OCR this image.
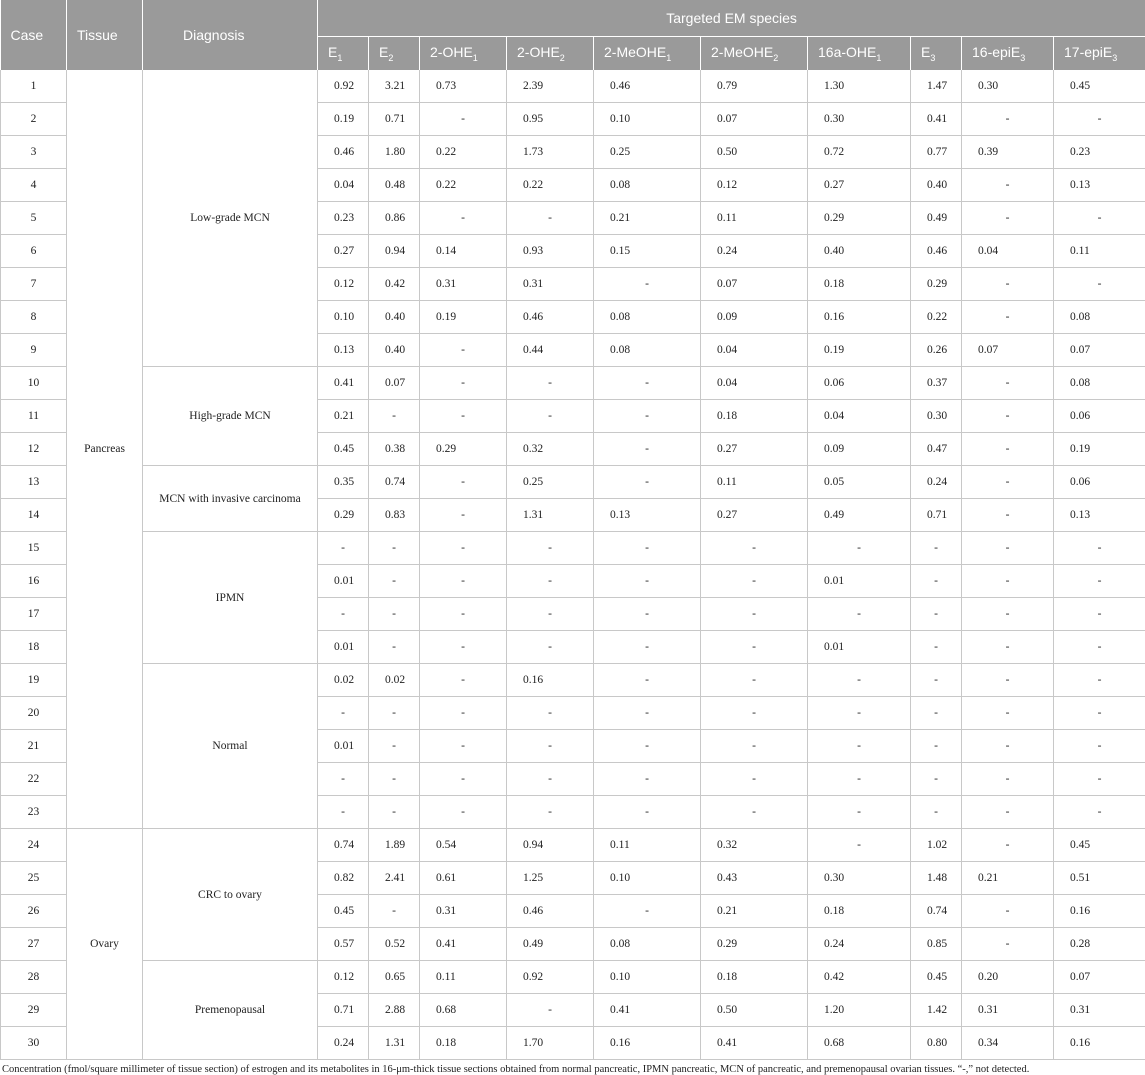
Case	Tissue	Diagnosis	Targeted EM species									
			$E_1$	$E_2$	$2-OHE_1$	$2-OHE_2$	2-MeOHE$_1$	2-MeOHE$_2$	$16a-OHE_1$	$E_3$	16-epiE$_3$	17-epiE$_3$
1	Pancreas	Low-grade MCN	0.92	3.21	0.73	2.39	0.46	0.79	1.30	1.47	0.30	0.45
2			0.19	0.71	-	0.95	0.10	0.07	0.30	0.41	-	-
3			0.46	1.80	0.22	1.73	0.25	0.50	0.72	0.77	0.39	0.23
4			0.04	0.48	0.22	0.22	0.08	0.12	0.27	0.40	-	0.13
5			0.23	0.86	-	-	0.21	0.11	0.29	0.49	-	-
6			0.27	0.94	0.14	0.93	0.15	0.24	0.40	0.46	0.04	0.11
7			0.12	0.42	0.31	0.31	-	0.07	0.18	0.29	-	-
8			0.10	0.40	0.19	0.46	0.08	0.09	0.16	0.22	-	0.08
9			0.13	0.40	-	0.44	0.08	0.04	0.19	0.26	0.07	0.07
10		High-grade MCN	0.41	0.07	-	-	-	0.04	0.06	0.37	-	0.08
11			0.21	-	-	-	-	0.18	0.04	0.30	-	0.06
12			0.45	0.38	0.29	0.32	-	0.27	0.09	0.47	-	0.19
13		MCN with invasive carcinoma	0.35	0.74	-	0.25	-	0.11	0.05	0.24	-	0.06
14			0.29	0.83	-	1.31	0.13	0.27	0.49	0.71	-	0.13
15		IPMN	-	-	-	-	-	-	-	-	-	-
16			0.01	-	-	-	-	-	0.01	-	-	-
17			-	-	-	-	-	-	-	-	-	-
18			0.01	-	-	-	-	-	0.01	-	-	-
19		Normal	0.02	0.02	-	0.16	-	-	-	-	-	-
20			-	-	-	-	-	-	-	-	-	-
21			0.01	-	-	-	-	-	-	-	-	-
22			-	-	-	-	-	-	-	-	-	-
23			-	-	-	-	-	-	-	-	-	-
24	Ovary	CRC to ovary	0.74	1.89	0.54	0.94	0.11	0.32	-	1.02	-	0.45
25			0.82	2.41	0.61	1.25	0.10	0.43	0.30	1.48	0.21	0.51
26			0.45	-	0.31	0.46	-	0.21	0.18	0.74	-	0.16
27			0.57	0.52	0.41	0.49	0.08	0.29	0.24	0.85	-	0.28
28		Premenopausal	0.12	0.65	0.11	0.92	0.10	0.18	0.42	0.45	0.20	0.07
29			0.71	2.88	0.68	-	0.41	0.50	1.20	1.42	0.31	0.31
30			0.24	1.31	0.18	1.70	0.16	0.41	0.68	0.80	0.34	0.16
Concentration (fmol/square millimeter of tissue section) of estrogen and its metabolites in 16-μm-thick tissue sections obtained from normal pancreatic, IPMN pancreatic, MCN of pancreatic, and premenopausal ovarian tissues. “-,” not detected.
